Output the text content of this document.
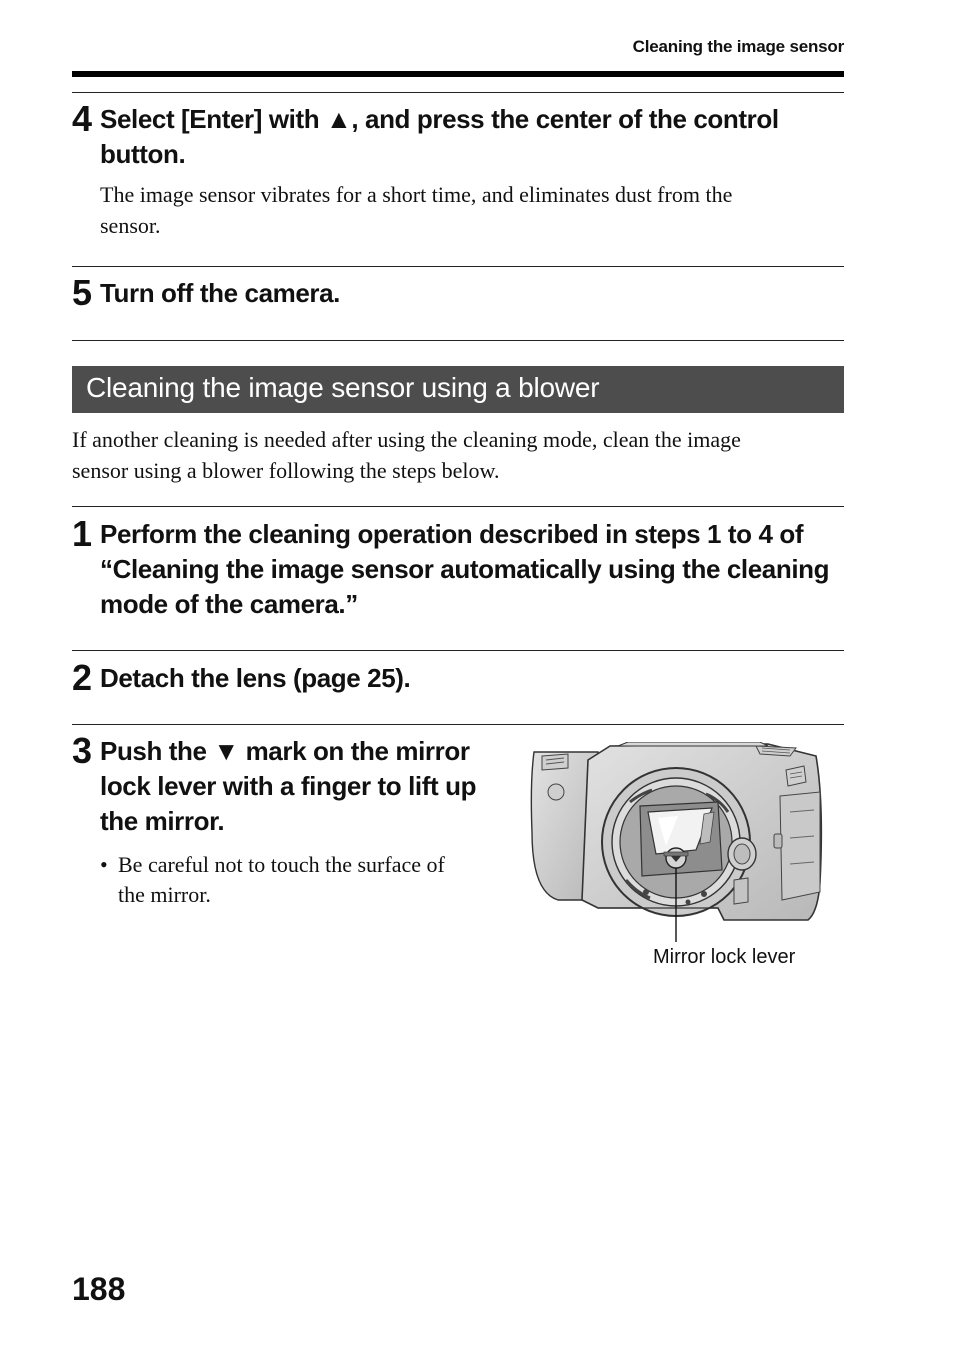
Cleaning the image sensor
4 Select [Enter] with ▲, and press the center of the control
button.
The image sensor vibrates for a short time, and eliminates dust from the
sensor.
5 Turn off the camera.
Cleaning the image sensor using a blower
If another cleaning is needed after using the cleaning mode, clean the image
sensor using a blower following the steps below.
1 Perform the cleaning operation described in steps 1 to 4 of
“Cleaning the image sensor automatically using the cleaning
mode of the camera.”
2 Detach the lens (page 25).
3 Push the ▼ mark on the mirror
lock lever with a finger to lift up
the mirror.
• Be careful not to touch the surface of
the mirror.
Mirror lock lever
188
